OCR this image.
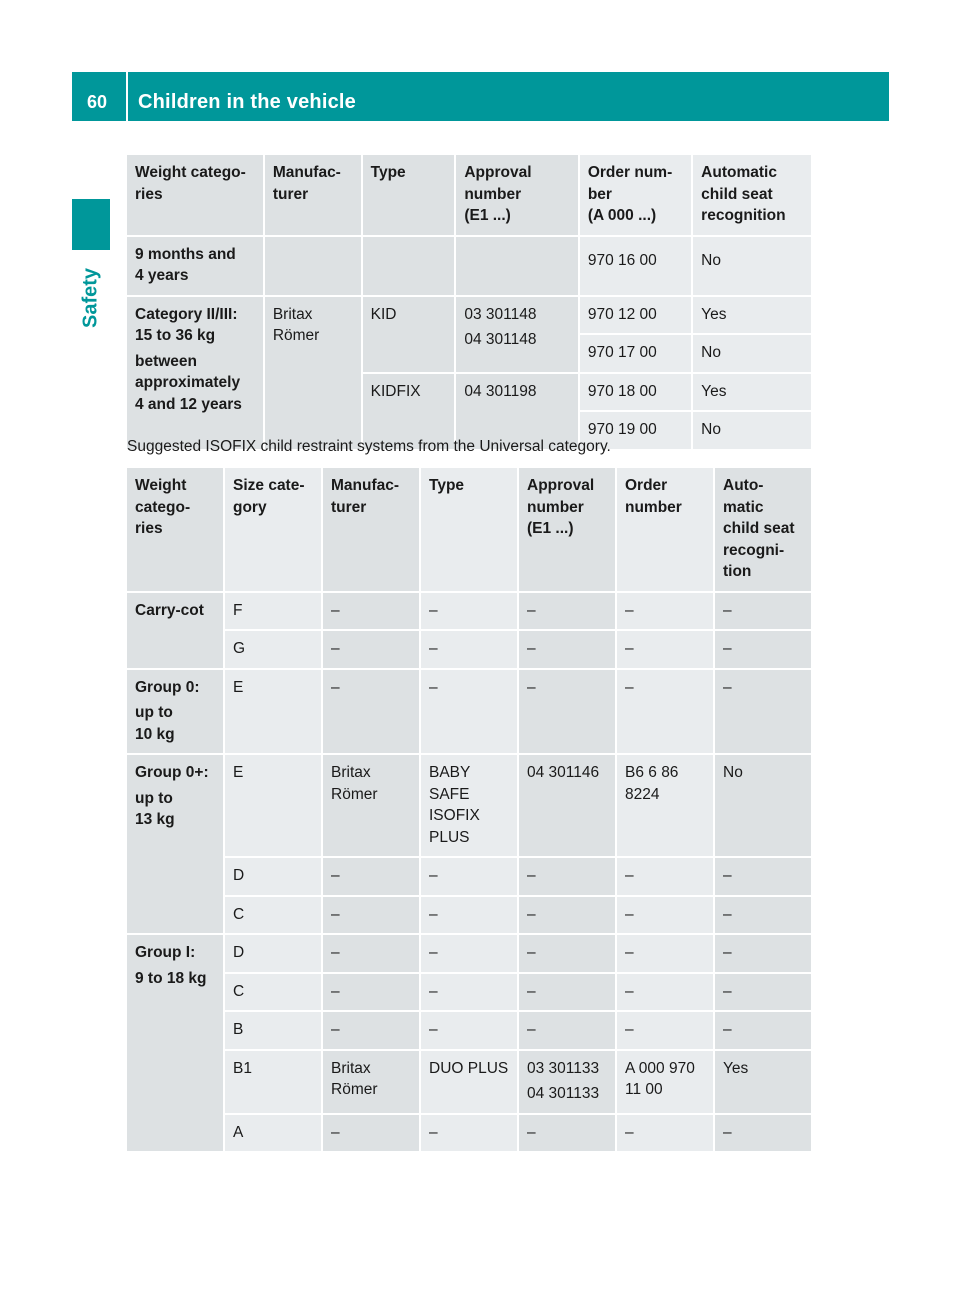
60 Children in the vehicle
Safety
Weight catego-
ries	Manufac-
turer	Type	Approval
number
(E1 ...)	Order num-
ber
(A 000 ...)	Automatic
child seat
recognition
9 months and
4 years				970 16 00	No
Category II/III:
15 to 36 kg
between
approximately
4 and 12 years	Britax
Römer	KID	03 301148
04 301148	970 12 00	Yes
				970 17 00	No
		KIDFIX	04 301198	970 18 00	Yes
				970 19 00	No
Suggested ISOFIX child restraint systems from the Universal category.
Weight
catego-
ries	Size cate-
gory	Manufac-
turer	Type	Approval
number
(E1 ...)	Order
number	Auto-
matic
child seat
recogni-
tion
Carry-cot	F	–	–	–	–	–
	G	–	–	–	–	–
Group 0:
up to
10 kg	E	–	–	–	–	–
Group 0+:
up to
13 kg	E	Britax
Römer	BABY SAFE
ISOFIX
PLUS	04 301146	B6 6 86
8224	No
	D	–	–	–	–	–
	C	–	–	–	–	–
Group I:
9 to 18 kg	D	–	–	–	–	–
	C	–	–	–	–	–
	B	–	–	–	–	–
	B1	Britax
Römer	DUO PLUS	03 301133
04 301133	A 000 970
11 00	Yes
	A	–	–	–	–	–
